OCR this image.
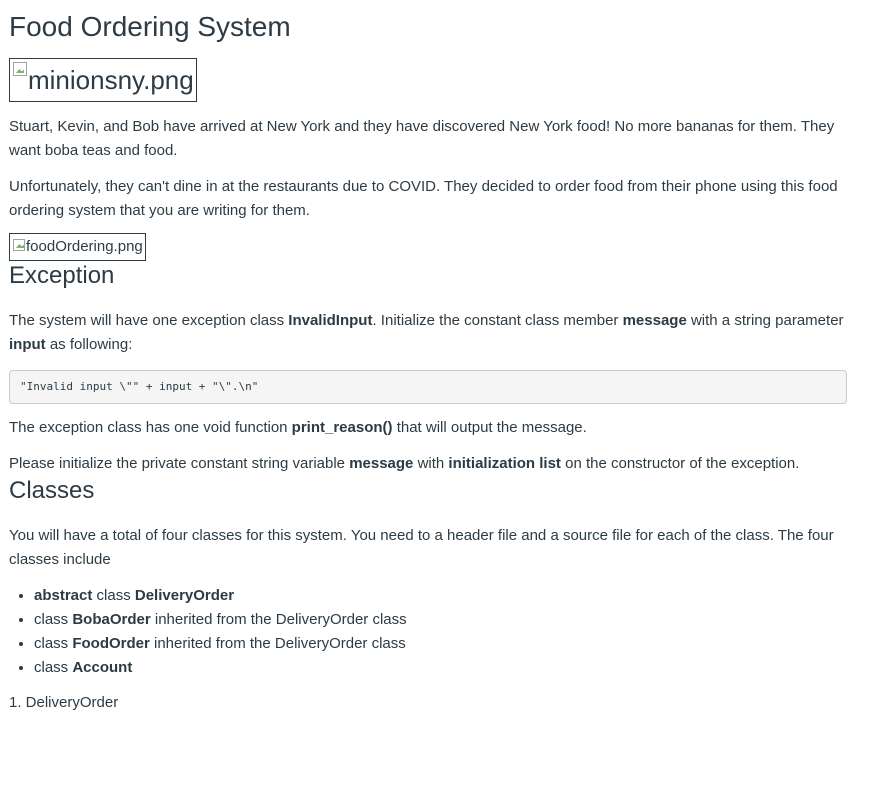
Food Ordering System
minionsny.png

Stuart, Kevin, and Bob have arrived at New York and they have discovered New York food! No more bananas for them. They want boba teas and food.

Unfortunately, they can't dine in at the restaurants due to COVID. They decided to order food from their phone using this food ordering system that you are writing for them.

foodOrdering.png
Exception

The system will have one exception class InvalidInput. Initialize the constant class member message with a string parameter input as following:

"Invalid input \"" + input + "\".\n"

The exception class has one void function print_reason() that will output the message.

Please initialize the private constant string variable message with initialization list on the constructor of the exception.

Classes

You will have a total of four classes for this system. You need to a header file and a source file for each of the class. The four classes include

• abstract class DeliveryOrder
• class BobaOrder inherited from the DeliveryOrder class
• class FoodOrder inherited from the DeliveryOrder class
• class Account

1. DeliveryOrder
